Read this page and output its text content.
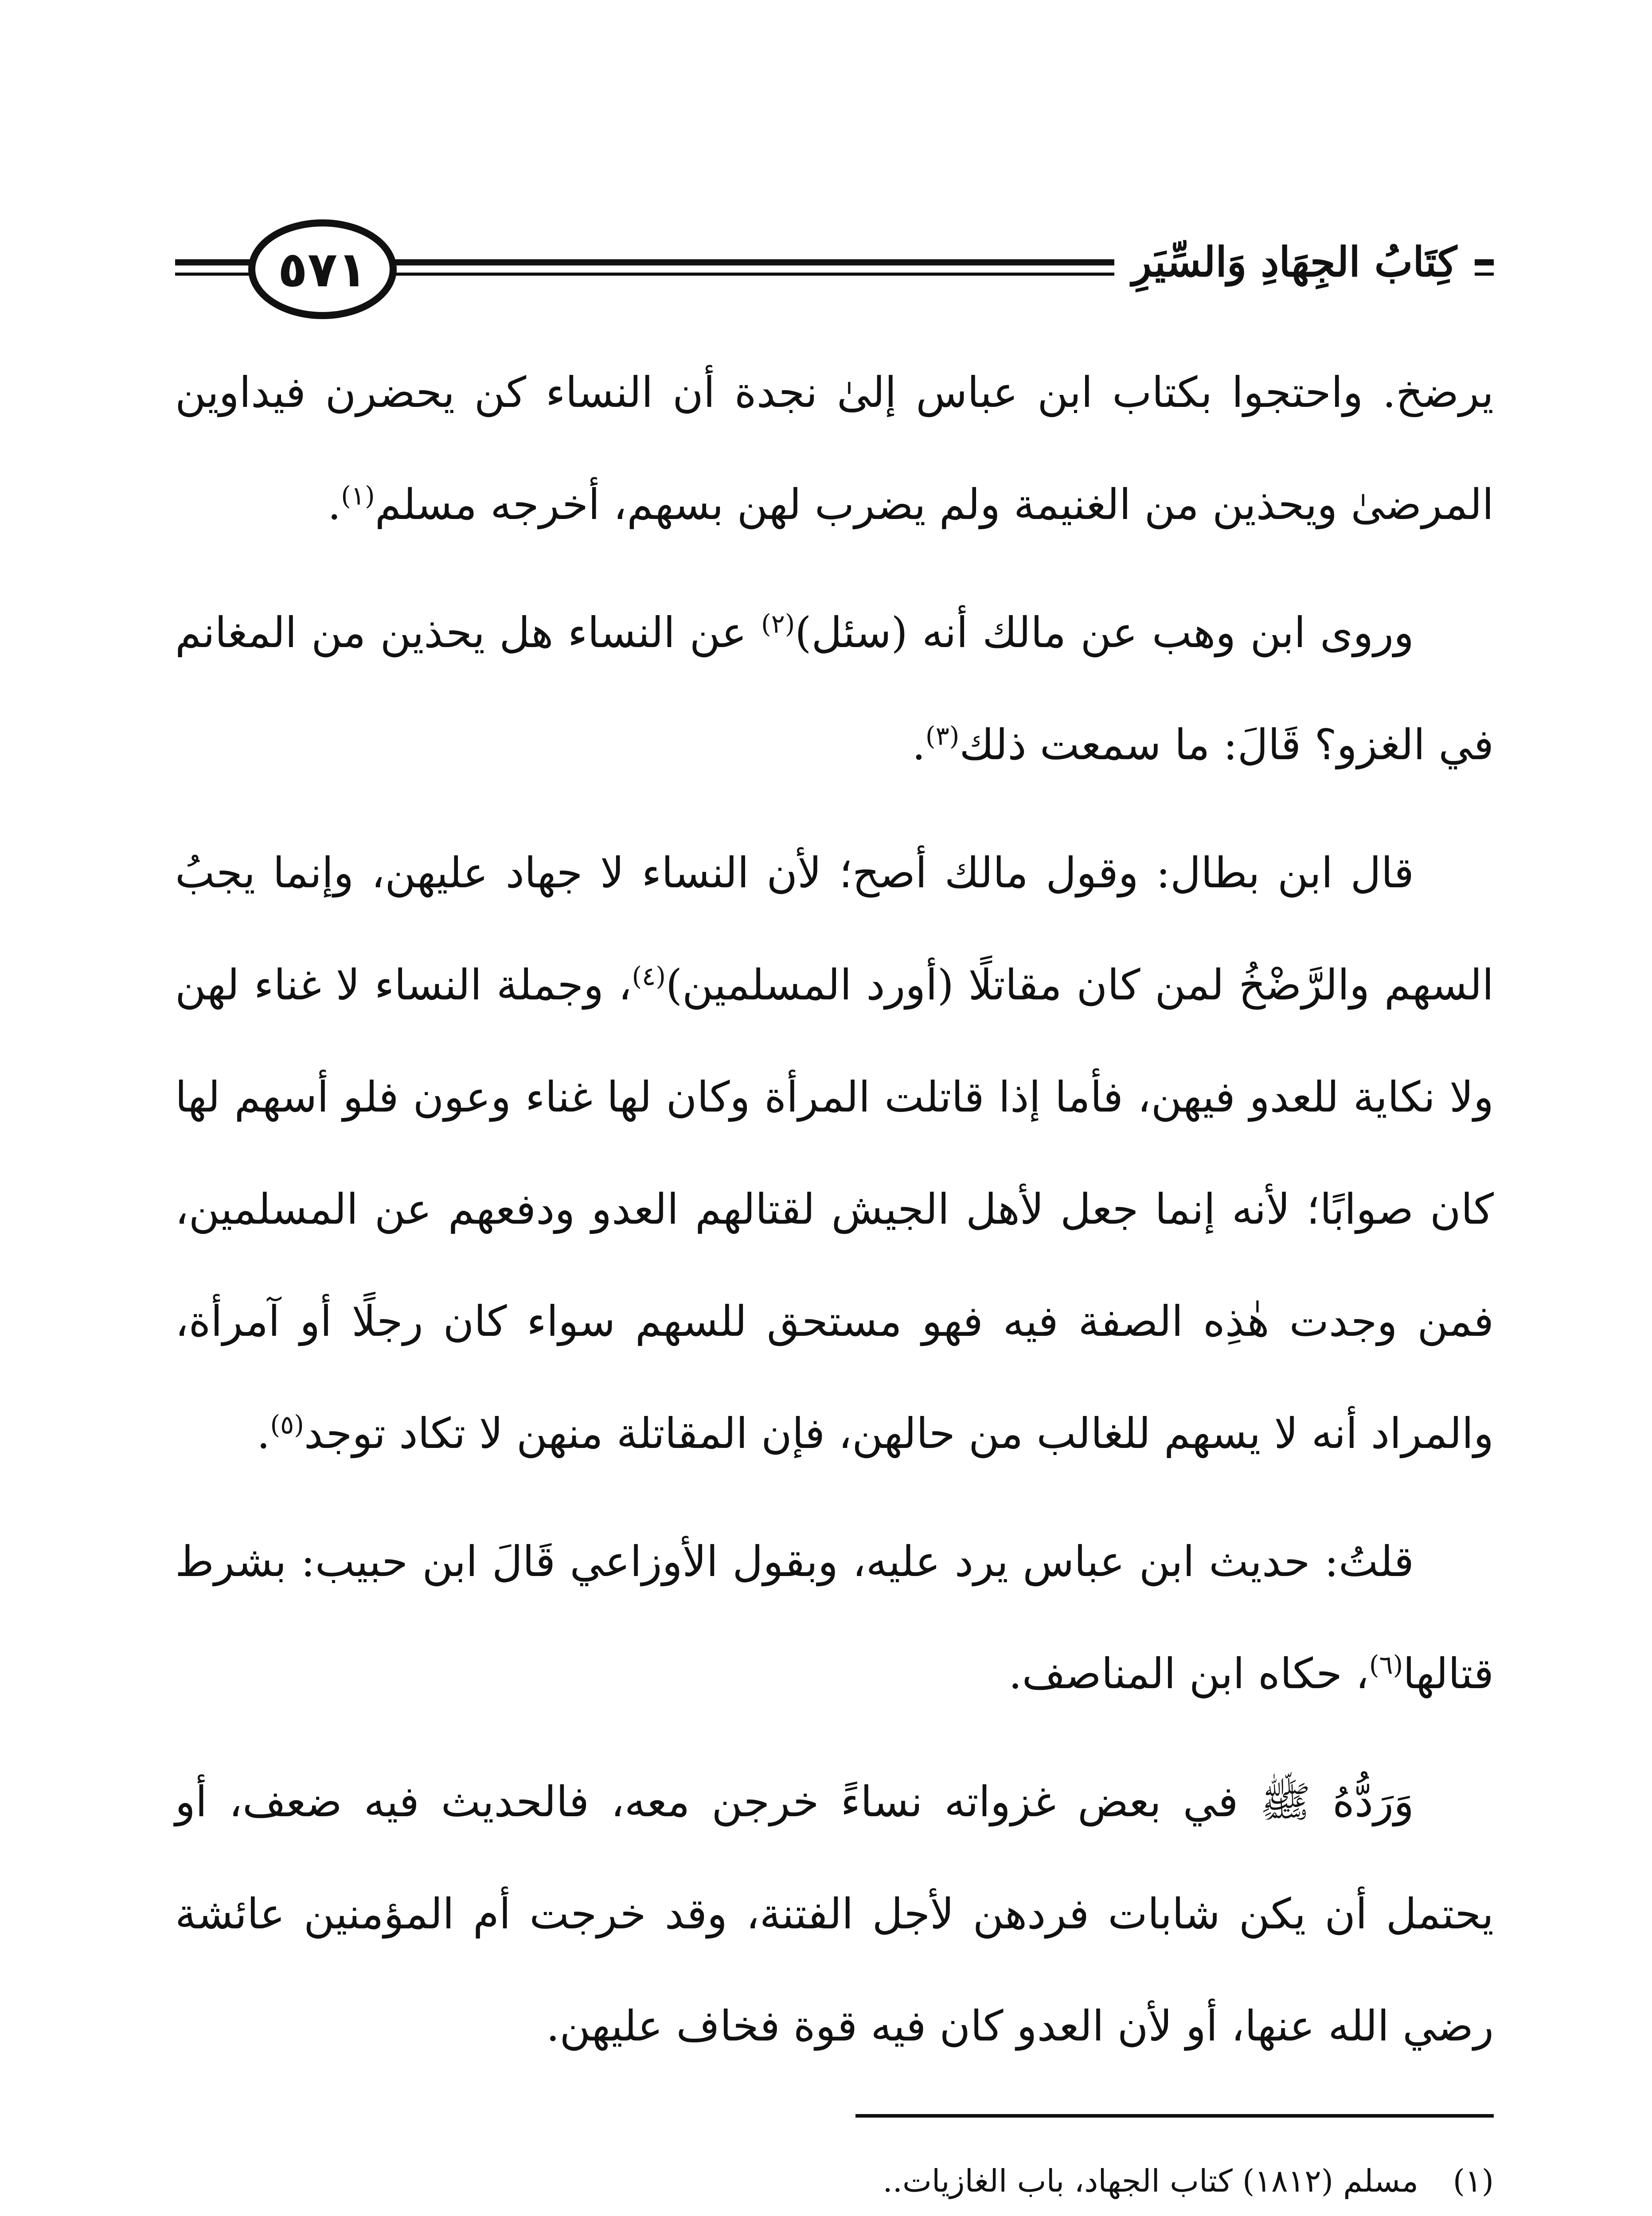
٥٧١	كِتَابُ الجِهَادِ وَالسِّيَرِ

يرضخ. واحتجوا بكتاب ابن عباس إلىٰ نجدة أن النساء كن يحضرن فيداوين المرضىٰ ويحذين من الغنيمة ولم يضرب لهن بسهم، أخرجه مسلم$^{(١)}$.

وروى ابن وهب عن مالك أنه (سئل)$^{(٢)}$ عن النساء هل يحذين من المغانم في الغزو؟ قَالَ: ما سمعت ذلك$^{(٣)}$.

قال ابن بطال: وقول مالك أصح؛ لأن النساء لا جهاد عليهن، وإنما يجبُ السهم والرَّضْخُ لمن كان مقاتلًا (أورد المسلمين)$^{(٤)}$، وجملة النساء لا غناء لهن ولا نكاية للعدو فيهن، فأما إذا قاتلت المرأة وكان لها غناء وعون فلو أسهم لها كان صوابًا؛ لأنه إنما جعل لأهل الجيش لقتالهم العدو ودفعهم عن المسلمين، فمن وجدت هٰذِه الصفة فيه فهو مستحق للسهم سواء كان رجلًا أو آمرأة، والمراد أنه لا يسهم للغالب من حالهن، فإن المقاتلة منهن لا تكاد توجد$^{(٥)}$.

قلتُ: حديث ابن عباس يرد عليه، وبقول الأوزاعي قَالَ ابن حبيب: بشرط قتالها$^{(٦)}$، حكاه ابن المناصف.

وَرَدُّهُ ﷺ في بعض غزواته نساءً خرجن معه، فالحديث فيه ضعف، أو يحتمل أن يكن شابات فردهن لأجل الفتنة، وقد خرجت أم المؤمنين عائشة رضي الله عنها، أو لأن العدو كان فيه قوة فخاف عليهن.

(١)
مسلم (١٨١٢) كتاب الجهاد، باب الغازيات..
